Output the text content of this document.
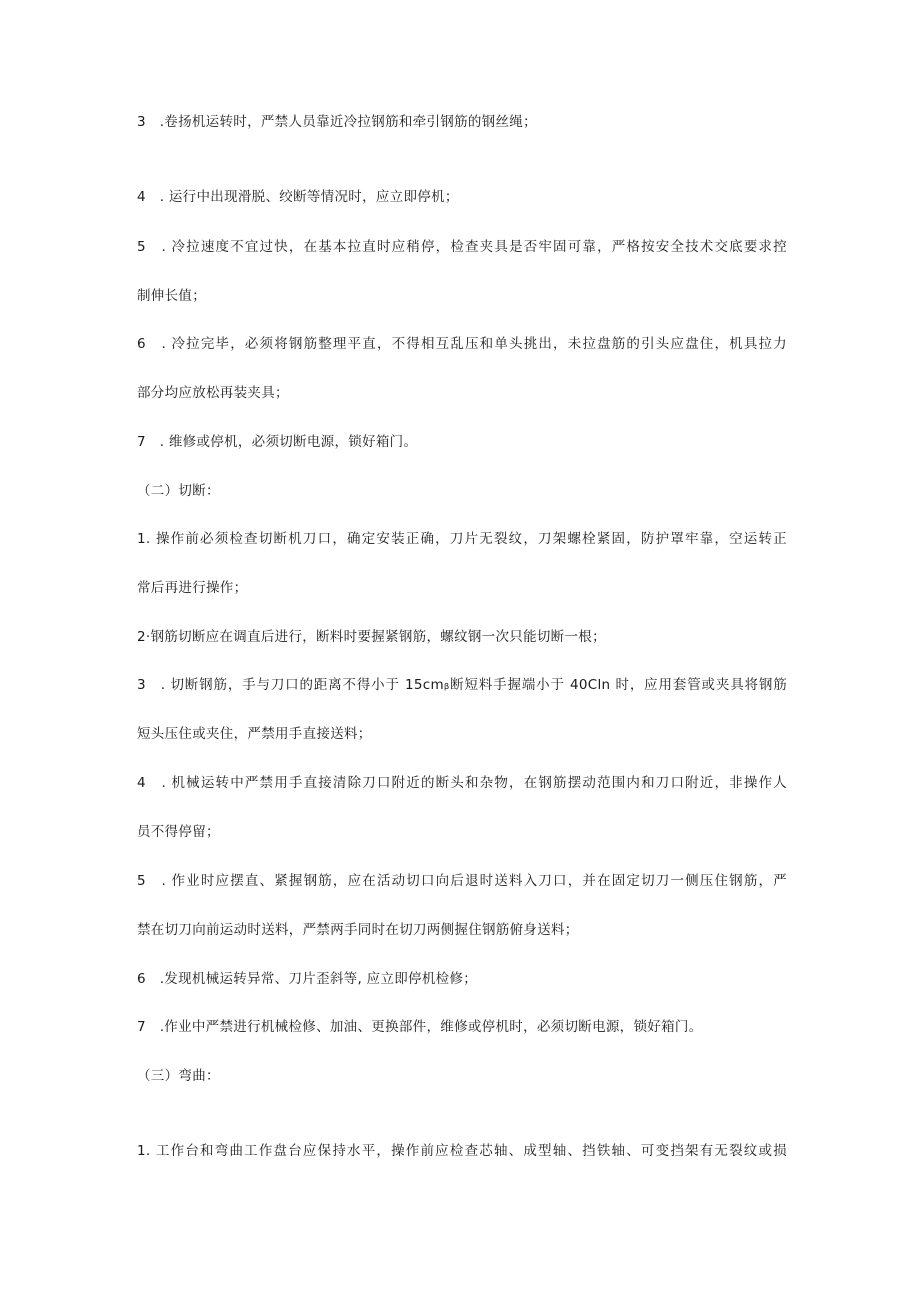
3　.卷扬机运转时，严禁人员靠近冷拉钢筋和牵引钢筋的钢丝绳；
4　. 运行中出现滑脱、绞断等情况时，应立即停机；
5　. 冷拉速度不宜过快，在基本拉直时应稍停，检查夹具是否牢固可靠，严格按安全技术交底要求控
制伸长值；
6　. 冷拉完毕，必须将钢筋整理平直，不得相互乱压和单头挑出，未拉盘筋的引头应盘住，机具拉力
部分均应放松再装夹具；
7　. 维修或停机，必须切断电源，锁好箱门。
（二）切断：
1. 操作前必须检查切断机刀口，确定安装正确，刀片无裂纹，刀架螺栓紧固，防护罩牢靠，空运转正
常后再进行操作；
2·钢筋切断应在调直后进行，断料时要握紧钢筋，螺纹钢一次只能切断一根；
3　. 切断钢筋，手与刀口的距离不得小于 15cmᵦ断短料手握端小于 40Cln 时，应用套管或夹具将钢筋
短头压住或夹住，严禁用手直接送料；
4　. 机械运转中严禁用手直接清除刀口附近的断头和杂物，在钢筋摆动范围内和刀口附近，非操作人
员不得停留；
5　. 作业时应摆直、紧握钢筋，应在活动切口向后退时送料入刀口，并在固定切刀一侧压住钢筋，严
禁在切刀向前运动时送料，严禁两手同时在切刀两侧握住钢筋俯身送料；
6　.发现机械运转异常、刀片歪斜等, 应立即停机检修；
7　.作业中严禁进行机械检修、加油、更换部件，维修或停机时，必须切断电源，锁好箱门。
（三）弯曲：
1. 工作台和弯曲工作盘台应保持水平，操作前应检查芯轴、成型轴、挡铁轴、可变挡架有无裂纹或损
